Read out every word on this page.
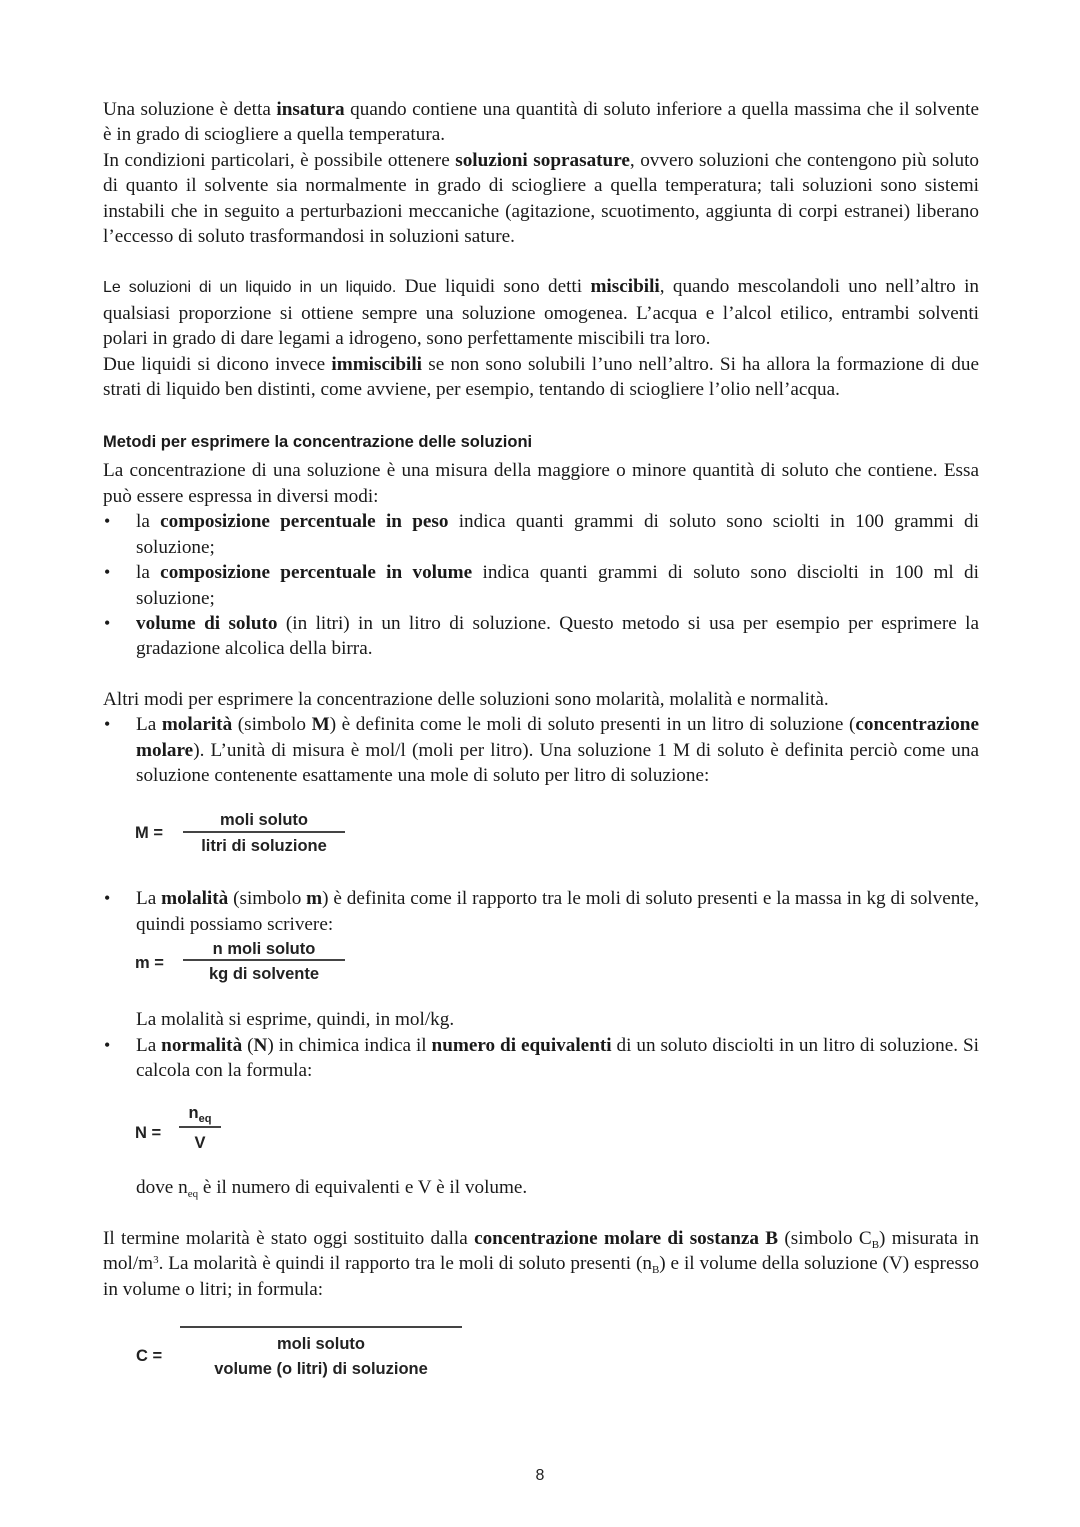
Una soluzione è detta insatura quando contiene una quantità di soluto inferiore a quella massima che il solvente è in grado di sciogliere a quella temperatura.

In condizioni particolari, è possibile ottenere soluzioni soprasature, ovvero soluzioni che contengono più soluto di quanto il solvente sia normalmente in grado di sciogliere a quella temperatura; tali soluzioni sono sistemi instabili che in seguito a perturbazioni meccaniche (agitazione, scuotimento, aggiunta di corpi estranei) liberano l’eccesso di soluto trasformandosi in soluzioni sature.

Le soluzioni di un liquido in un liquido. Due liquidi sono detti miscibili, quando mescolandoli uno nell’altro in qualsiasi proporzione si ottiene sempre una soluzione omogenea. L’acqua e l’alcol etilico, entrambi solventi polari in grado di dare legami a idrogeno, sono perfettamente miscibili tra loro.

Due liquidi si dicono invece immiscibili se non sono solubili l’uno nell’altro. Si ha allora la formazione di due strati di liquido ben distinti, come avviene, per esempio, tentando di sciogliere l’olio nell’acqua.

Metodi per esprimere la concentrazione delle soluzioni

La concentrazione di una soluzione è una misura della maggiore o minore quantità di soluto che contiene. Essa può essere espressa in diversi modi:

• la composizione percentuale in peso indica quanti grammi di soluto sono sciolti in 100 grammi di soluzione;
• la composizione percentuale in volume indica quanti grammi di soluto sono disciolti in 100 ml di soluzione;
• volume di soluto (in litri) in un litro di soluzione. Questo metodo si usa per esempio per esprimere la gradazione alcolica della birra.

Altri modi per esprimere la concentrazione delle soluzioni sono molarità, molalità e normalità.

• La molarità (simbolo M) è definita come le moli di soluto presenti in un litro di soluzione (concentrazione molare). L’unità di misura è mol/l (moli per litro). Una soluzione 1 M di soluto è definita perciò come una soluzione contenente esattamente una mole di soluto per litro di soluzione:
M =
moli soluto
litri di soluzione
• La molalità (simbolo m) è definita come il rapporto tra le moli di soluto presenti e la massa in kg di solvente, quindi possiamo scrivere:
m =
n moli soluto
kg di solvente

La molalità si esprime, quindi, in mol/kg.

• La normalità (N) in chimica indica il numero di equivalenti di un soluto disciolti in un litro di soluzione. Si calcola con la formula:
N =
$n_{eq}$
V

dove $n_{eq}$ è il numero di equivalenti e V è il volume.

Il termine molarità è stato oggi sostituito dalla concentrazione molare di sostanza B (simbolo $C_B$) misurata in mol/$m^3$. La molarità è quindi il rapporto tra le moli di soluto presenti $(n_B)$ e il volume della soluzione (V) espresso in volume o litri; in formula:

C =
moli soluto
volume (o litri) di soluzione
8
